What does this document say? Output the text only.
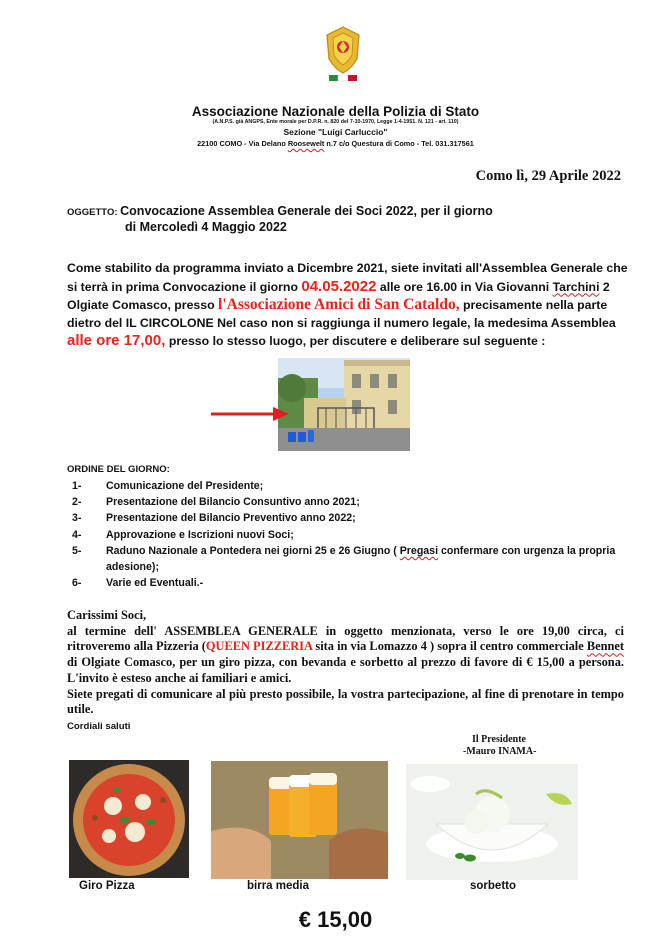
Associazione Nazionale della Polizia di Stato
(A.N.P.S. già ANGPS, Ente morale per D.P.R. n. 820 del 7-10-1970, Legge 1-4-1951. N. 121 - art. 110)
Sezione "Luigi Carluccio"
22100 COMO - Via Delano Roosewelt n.7 c/o Questura di Como - Tel. 031.317561
Como lì, 29 Aprile 2022
OGGETTO: Convocazione Assemblea Generale dei Soci 2022, per il giorno
di Mercoledì 4 Maggio 2022
Come stabilito da programma inviato a Dicembre 2021, siete invitati all'Assemblea Generale che si terrà in prima Convocazione il giorno 04.05.2022 alle ore 16.00 in Via Giovanni Tarchini 2 Olgiate Comasco, presso l'Associazione Amici di San Cataldo, precisamente nella parte dietro del IL CIRCOLONE Nel caso non si raggiunga il numero legale, la medesima Assemblea alle ore 17,00, presso lo stesso luogo, per discutere e deliberare sul seguente :
ORDINE DEL GIORNO:
1-	Comunicazione del Presidente;
2-	Presentazione del Bilancio Consuntivo anno 2021;
3-	Presentazione del Bilancio Preventivo anno 2022;
4-	Approvazione e Iscrizioni nuovi Soci;
5-	Raduno Nazionale a Pontedera nei giorni 25 e 26 Giugno ( Pregasi confermare con urgenza la propria adesione);
6-	Varie ed Eventuali.-
Carissimi Soci,
al termine dell' ASSEMBLEA GENERALE in oggetto menzionata, verso le ore 19,00 circa, ci ritroveremo alla Pizzeria (QUEEN PIZZERIA sita in via Lomazzo 4 ) sopra il centro commerciale Bennet di Olgiate Comasco, per un giro pizza, con bevanda e sorbetto al prezzo di favore di € 15,00 a persona. L'invito è esteso anche ai familiari e amici.
Siete pregati di comunicare al più presto possibile, la vostra partecipazione, al fine di prenotare in tempo utile.
Cordiali saluti
Il Presidente
-Mauro INAMA-
Giro Pizza	birra media	sorbetto
€ 15,00
